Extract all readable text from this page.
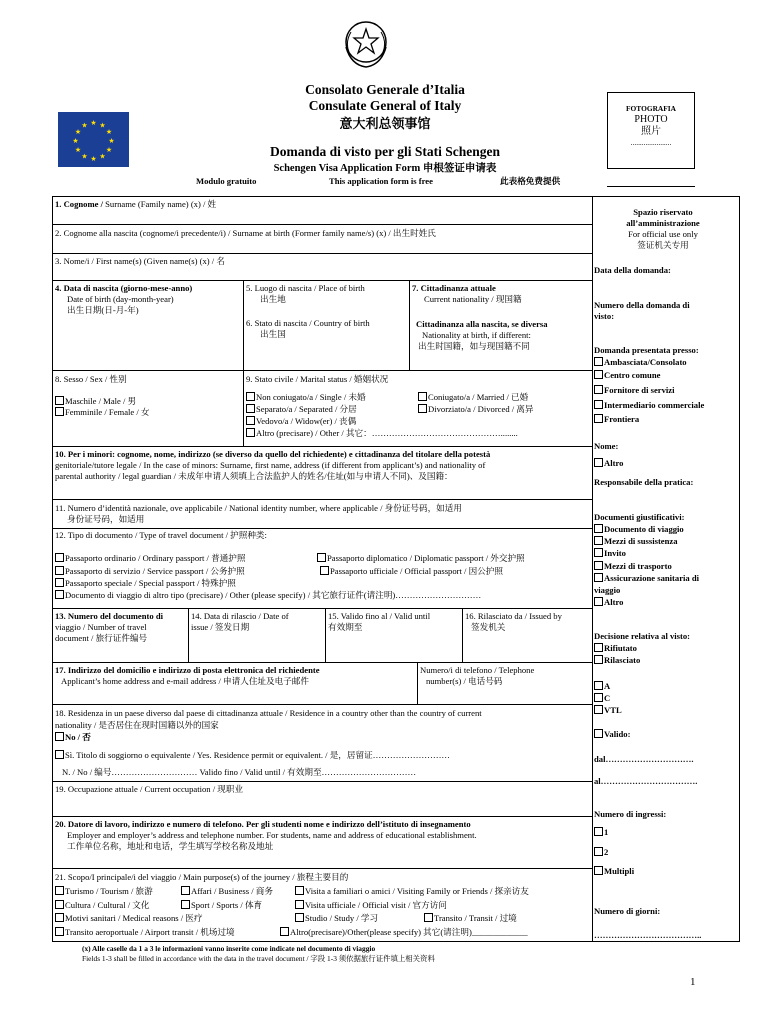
★ ★
★
★
★
★
★
★
★
★
★
★
Consolato Generale d’Italia
Consulate General of Italy
意大利总领事馆
Domanda di visto per gli Stati Schengen
Schengen Visa Application Form 申根签证申请表
Modulo gratuito	This application form is free	此表格免费提供
FOTOGRAFIA
PHOTO
照片
......................
1. Cognome / Surname (Family name) (x) / 姓
2. Cognome alla nascita (cognome/i precedente/i) / Surname at birth (Former family name/s) (x) / 出生时姓氏
3. Nome/i / First name(s) (Given name(s) (x) / 名
4. Data di nascita (giorno-mese-anno)
Date of birth (day-month-year)
出生日期(日-月-年)
5. Luogo di nascita / Place of birth
出生地
6. Stato di nascita / Country of birth
出生国
7. Cittadinanza attuale
Current nationality / 现国籍
Cittadinanza alla nascita, se diversa
Nationality at birth, if different:
出生时国籍，如与现国籍不同
8. Sesso / Sex / 性别
Maschile / Male / 男
Femminile / Female / 女
9. Stato civile / Marital status / 婚姻状况
Non coniugato/a / Single / 未婚	Coniugato/a / Married / 已婚
Separato/a / Separated / 分居	Divorziato/a / Divorced / 离异
Vedovo/a / Widow(er) / 丧偶
Altro (precisare) / Other / 其它：………………………………………........
10. Per i minori: cognome, nome, indirizzo (se diverso da quello del richiedente) e cittadinanza del titolare della potestà
genitoriale/tutore legale / In the case of minors: Surname, first name, address (if different from applicant’s) and nationality of
parental authority / legal guardian / 未成年申请人须填上合法监护人的姓名/住址(如与申请人不同)、及国籍：
11. Numero d’identità nazionale, ove applicabile / National identity number, where applicable / 身份证号码，如适用
身份证号码，如适用
12. Tipo di documento / Type of travel document / 护照种类:
Passaporto ordinario / Ordinary passport / 普通护照	Passaporto diplomatico / Diplomatic passport / 外交护照
Passaporto di servizio / Service passport / 公务护照	Passaporto ufficiale / Official passport / 因公护照
Passaporto speciale / Special passport / 特殊护照
Documento di viaggio di altro tipo (precisare) / Other (please specify) / 其它旅行证件(请注明)…………………………
13. Numero del documento di
viaggio / Number of travel
document / 旅行证件编号
14. Data di rilascio / Date of
issue / 签发日期
15. Valido fino al / Valid until
有效期至
16. Rilasciato da / Issued by
签发机关
17. Indirizzo del domicilio e indirizzo di posta elettronica del richiedente
Applicant’s home address and e-mail address / 申请人住址及电子邮件
Numero/i di telefono / Telephone
number(s) / 电话号码
18. Residenza in un paese diverso dal paese di cittadinanza attuale / Residence in a country other than the country of current
nationality / 是否居住在现时国籍以外的国家
No / 否
Sì. Titolo di soggiorno o equivalente / Yes. Residence permit or equivalent. / 是，居留证………………………
N. / No / 编号………………………… Valido fino / Valid until / 有效期至……………………………
19. Occupazione attuale / Current occupation / 现职业
20. Datore di lavoro, indirizzo e numero di telefono. Per gli studenti nome e indirizzo dell’istituto di insegnamento
Employer and employer’s address and telephone number. For students, name and address of educational establishment.
工作单位名称，地址和电话，学生填写学校名称及地址
21. Scopo/I principale/i del viaggio / Main purpose(s) of the journey / 旅程主要目的
Turismo / Tourism / 旅游	Affari / Business / 商务	Visita a familiari o amici / Visiting Family or Friends / 探亲访友
Cultura / Cultural / 文化	Sport / Sports / 体育	Visita ufficiale / Official visit / 官方访问
Motivi sanitari / Medical reasons / 医疗	Studio / Study / 学习	Transito / Transit / 过境
Transito aeroportuale / Airport transit / 机场过境	Altro(precisare)/Other(please specify) 其它(请注明)_____________
(x) Alle caselle da 1 a 3 le informazioni vanno inserite come indicate nel documento di viaggio
Fields 1-3 shall be filled in accordance with the data in the travel document / 字段 1-3 须依据旅行证件填上相关资料
1
Spazio riservato
all’amministrazione
For official use only
签证机关专用
Data della domanda:
Numero della domanda di
visto:
Domanda presentata presso:
Ambasciata/Consolato
Centro comune
Fornitore di servizi
Intermediario commerciale
Frontiera
Nome:
Altro
Responsabile della pratica:
Documenti giustificativi:
Documento di viaggio
Mezzi di sussistenza
Invito
Mezzi di trasporto
Assicurazione sanitaria di
viaggio
Altro
Decisione relativa al visto:
Rifiutato
Rilasciato
A
C
VTL
Valido:
dal………………………….
al…………………………….
Numero di ingressi:
1
2
Multipli
Numero di giorni:
………………………………..
